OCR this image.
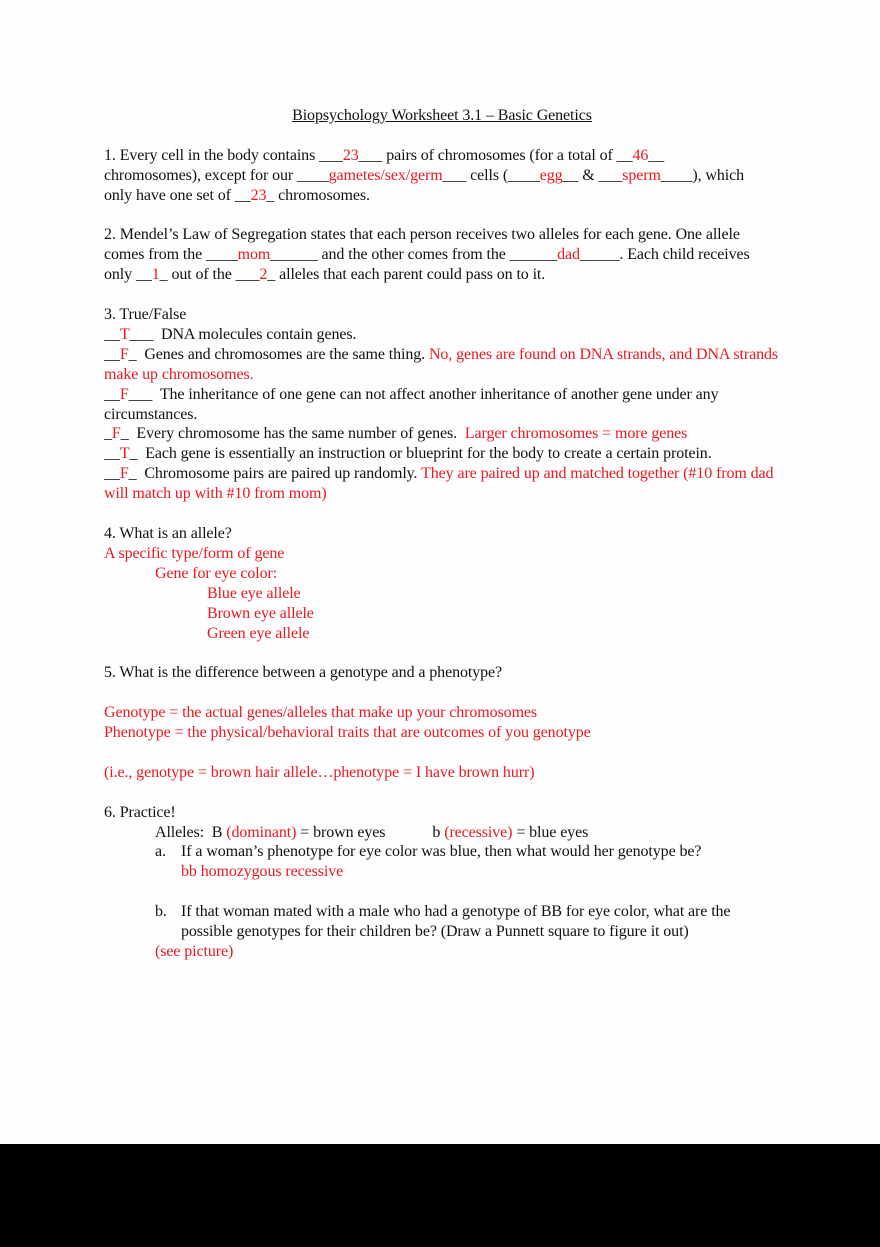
Biopsychology Worksheet 3.1 – Basic Genetics

1. Every cell in the body contains ___23___ pairs of chromosomes (for a total of __46__ chromosomes), except for our ____gametes/sex/germ___ cells (____egg__ & ___sperm____), which only have one set of __23_ chromosomes.

2. Mendel’s Law of Segregation states that each person receives two alleles for each gene. One allele comes from the ____mom______ and the other comes from the ______dad_____. Each child receives only __1_ out of the ___2_ alleles that each parent could pass on to it.

3. True/False

__T___  DNA molecules contain genes.

__F_  Genes and chromosomes are the same thing. No, genes are found on DNA strands, and DNA strands make up chromosomes.

__F___  The inheritance of one gene can not affect another inheritance of another gene under any circumstances.

_F_  Every chromosome has the same number of genes.  Larger chromosomes = more genes

__T_  Each gene is essentially an instruction or blueprint for the body to create a certain protein.

__F_  Chromosome pairs are paired up randomly. They are paired up and matched together (#10 from dad will match up with #10 from mom)

4. What is an allele?

A specific type/form of gene

Gene for eye color:

Blue eye allele

Brown eye allele

Green eye allele

5. What is the difference between a genotype and a phenotype?

Genotype = the actual genes/alleles that make up your chromosomes

Phenotype = the physical/behavioral traits that are outcomes of you genotype

(i.e., genotype = brown hair allele…phenotype = I have brown hurr)

6. Practice!

Alleles:  B (dominant) = brown eyes	b (recessive) = blue eyes

a. If a woman’s phenotype for eye color was blue, then what would her genotype be?

bb homozygous recessive

b. If that woman mated with a male who had a genotype of BB for eye color, what are the possible genotypes for their children be? (Draw a Punnett square to figure it out)

(see picture)
